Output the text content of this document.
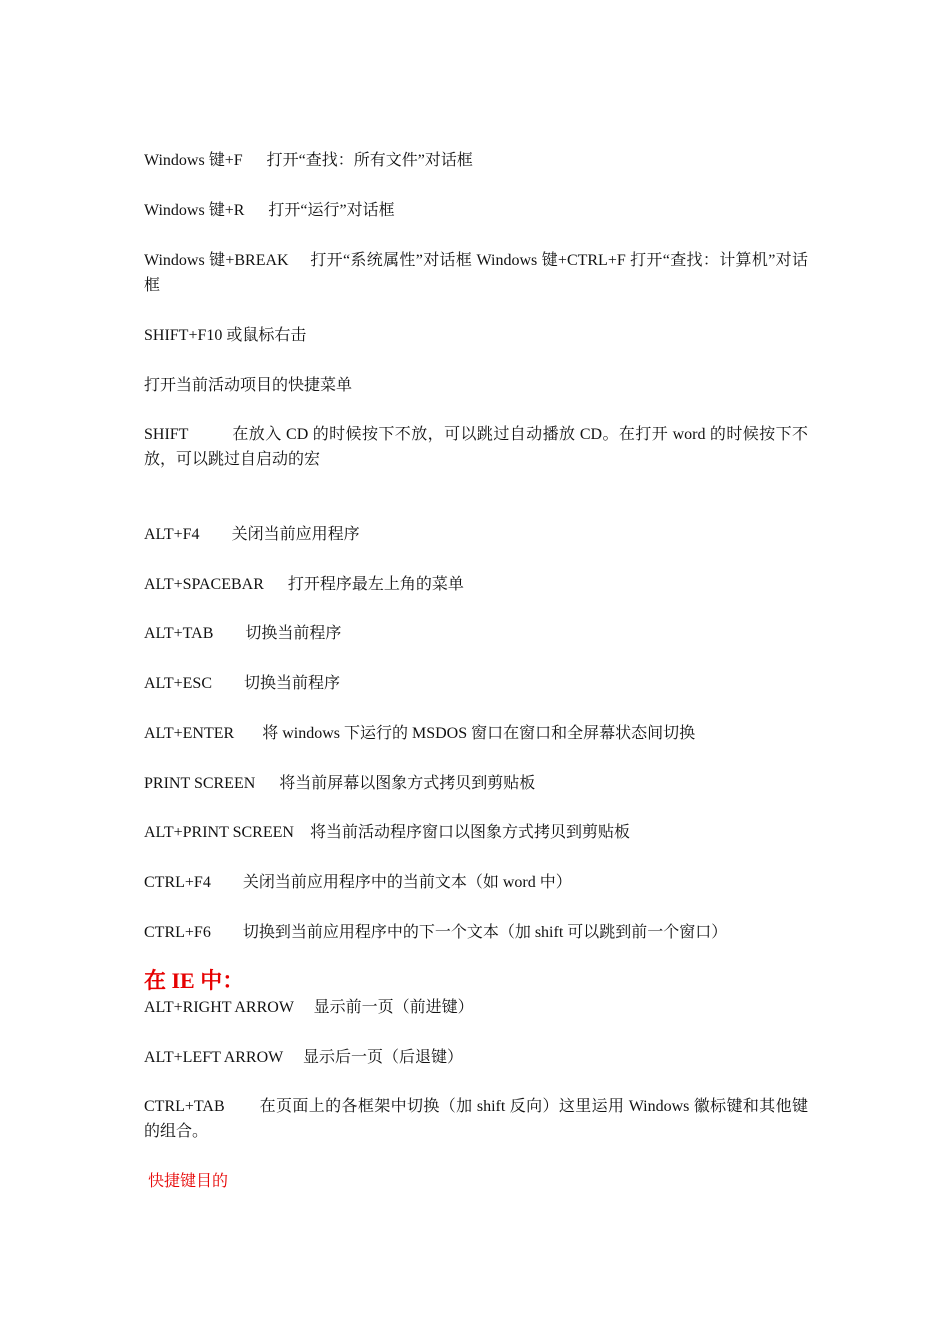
Windows 键+F 打开“查找：所有文件”对话框
Windows 键+R 打开“运行”对话框
Windows 键+BREAK 打开“系统属性”对话框 Windows 键+CTRL+F 打开“查找：计算机”对话框
SHIFT+F10 或鼠标右击
打开当前活动项目的快捷菜单
SHIFT	在放入 CD 的时候按下不放，可以跳过自动播放 CD。在打开 word 的时候按下不放，可以跳过自启动的宏
ALT+F4 关闭当前应用程序
ALT+SPACEBAR 打开程序最左上角的菜单
ALT+TAB 切换当前程序
ALT+ESC 切换当前程序
ALT+ENTER 将 windows 下运行的 MSDOS 窗口在窗口和全屏幕状态间切换
PRINT SCREEN 将当前屏幕以图象方式拷贝到剪贴板
ALT+PRINT SCREEN 将当前活动程序窗口以图象方式拷贝到剪贴板
CTRL+F4 关闭当前应用程序中的当前文本（如 word 中）
CTRL+F6 切换到当前应用程序中的下一个文本（加 shift 可以跳到前一个窗口）
在 IE 中：
ALT+RIGHT ARROW 显示前一页（前进键）
ALT+LEFT ARROW 显示后一页（后退键）
CTRL+TAB 在页面上的各框架中切换（加 shift 反向）这里运用 Windows 徽标键和其他键的组合。
快捷键目的
